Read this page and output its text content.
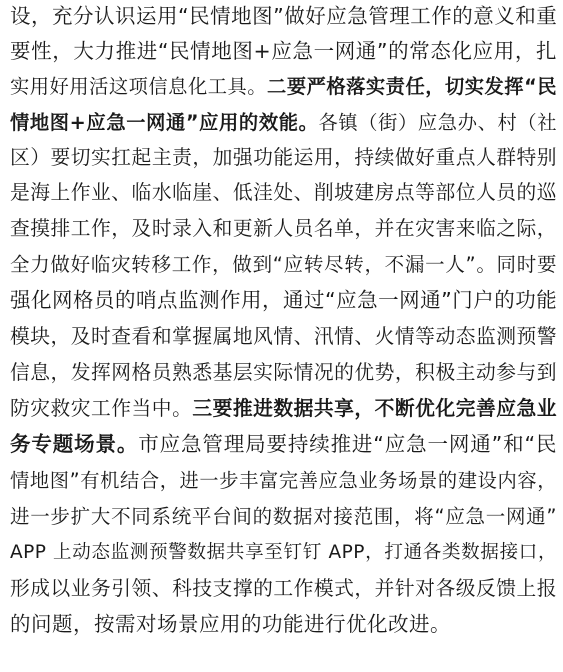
设，充分认识运用“民情地图”做好应急管理工作的意义和重
要性，大力推进“民情地图+应急一网通”的常态化应用，扎
实用好用活这项信息化工具。二要严格落实责任，切实发挥“民
情地图+应急一网通”应用的效能。各镇（街）应急办、村（社
区）要切实扛起主责，加强功能运用，持续做好重点人群特别
是海上作业、临水临崖、低洼处、削坡建房点等部位人员的巡
查摸排工作，及时录入和更新人员名单，并在灾害来临之际，
全力做好临灾转移工作，做到“应转尽转，不漏一人”。同时要
强化网格员的哨点监测作用，通过“应急一网通”门户的功能
模块，及时查看和掌握属地风情、汛情、火情等动态监测预警
信息，发挥网格员熟悉基层实际情况的优势，积极主动参与到
防灾救灾工作当中。三要推进数据共享，不断优化完善应急业
务专题场景。市应急管理局要持续推进“应急一网通”和“民
情地图”有机结合，进一步丰富完善应急业务场景的建设内容，
进一步扩大不同系统平台间的数据对接范围，将“应急一网通”
APP 上动态监测预警数据共享至钉钉 APP，打通各类数据接口，
形成以业务引领、科技支撑的工作模式，并针对各级反馈上报
的问题，按需对场景应用的功能进行优化改进。
